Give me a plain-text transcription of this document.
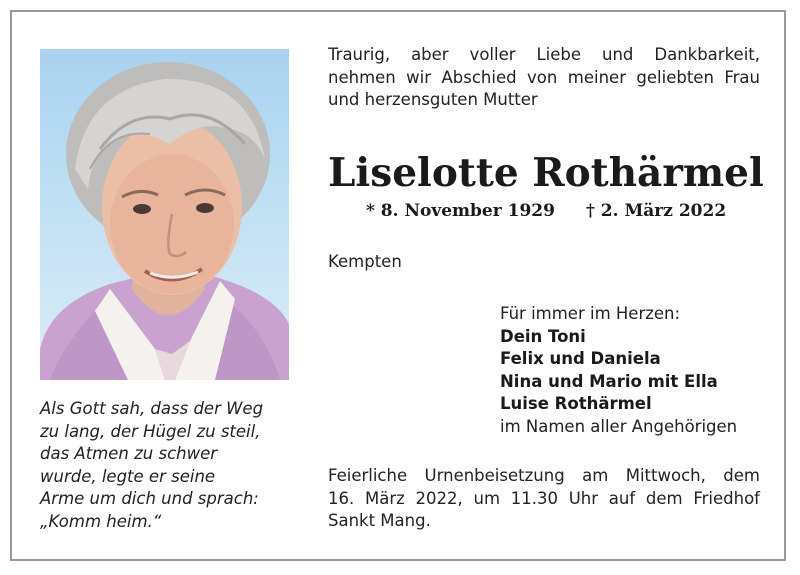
Als Gott sah, dass der Weg
zu lang, der Hügel zu steil,
das Atmen zu schwer
wurde, legte er seine
Arme um dich und sprach:
„Komm heim.“
Traurig, aber voller Liebe und Dankbarkeit,
nehmen wir Abschied von meiner geliebten Frau
und herzensguten Mutter
Liselotte Rothärmel
* 8. November 1929 † 2. März 2022
Kempten
Für immer im Herzen:
Dein Toni
Felix und Daniela
Nina und Mario mit Ella
Luise Rothärmel
im Namen aller Angehörigen
Feierliche Urnenbeisetzung am Mittwoch, dem
16. März 2022, um 11.30 Uhr auf dem Friedhof
Sankt Mang.
